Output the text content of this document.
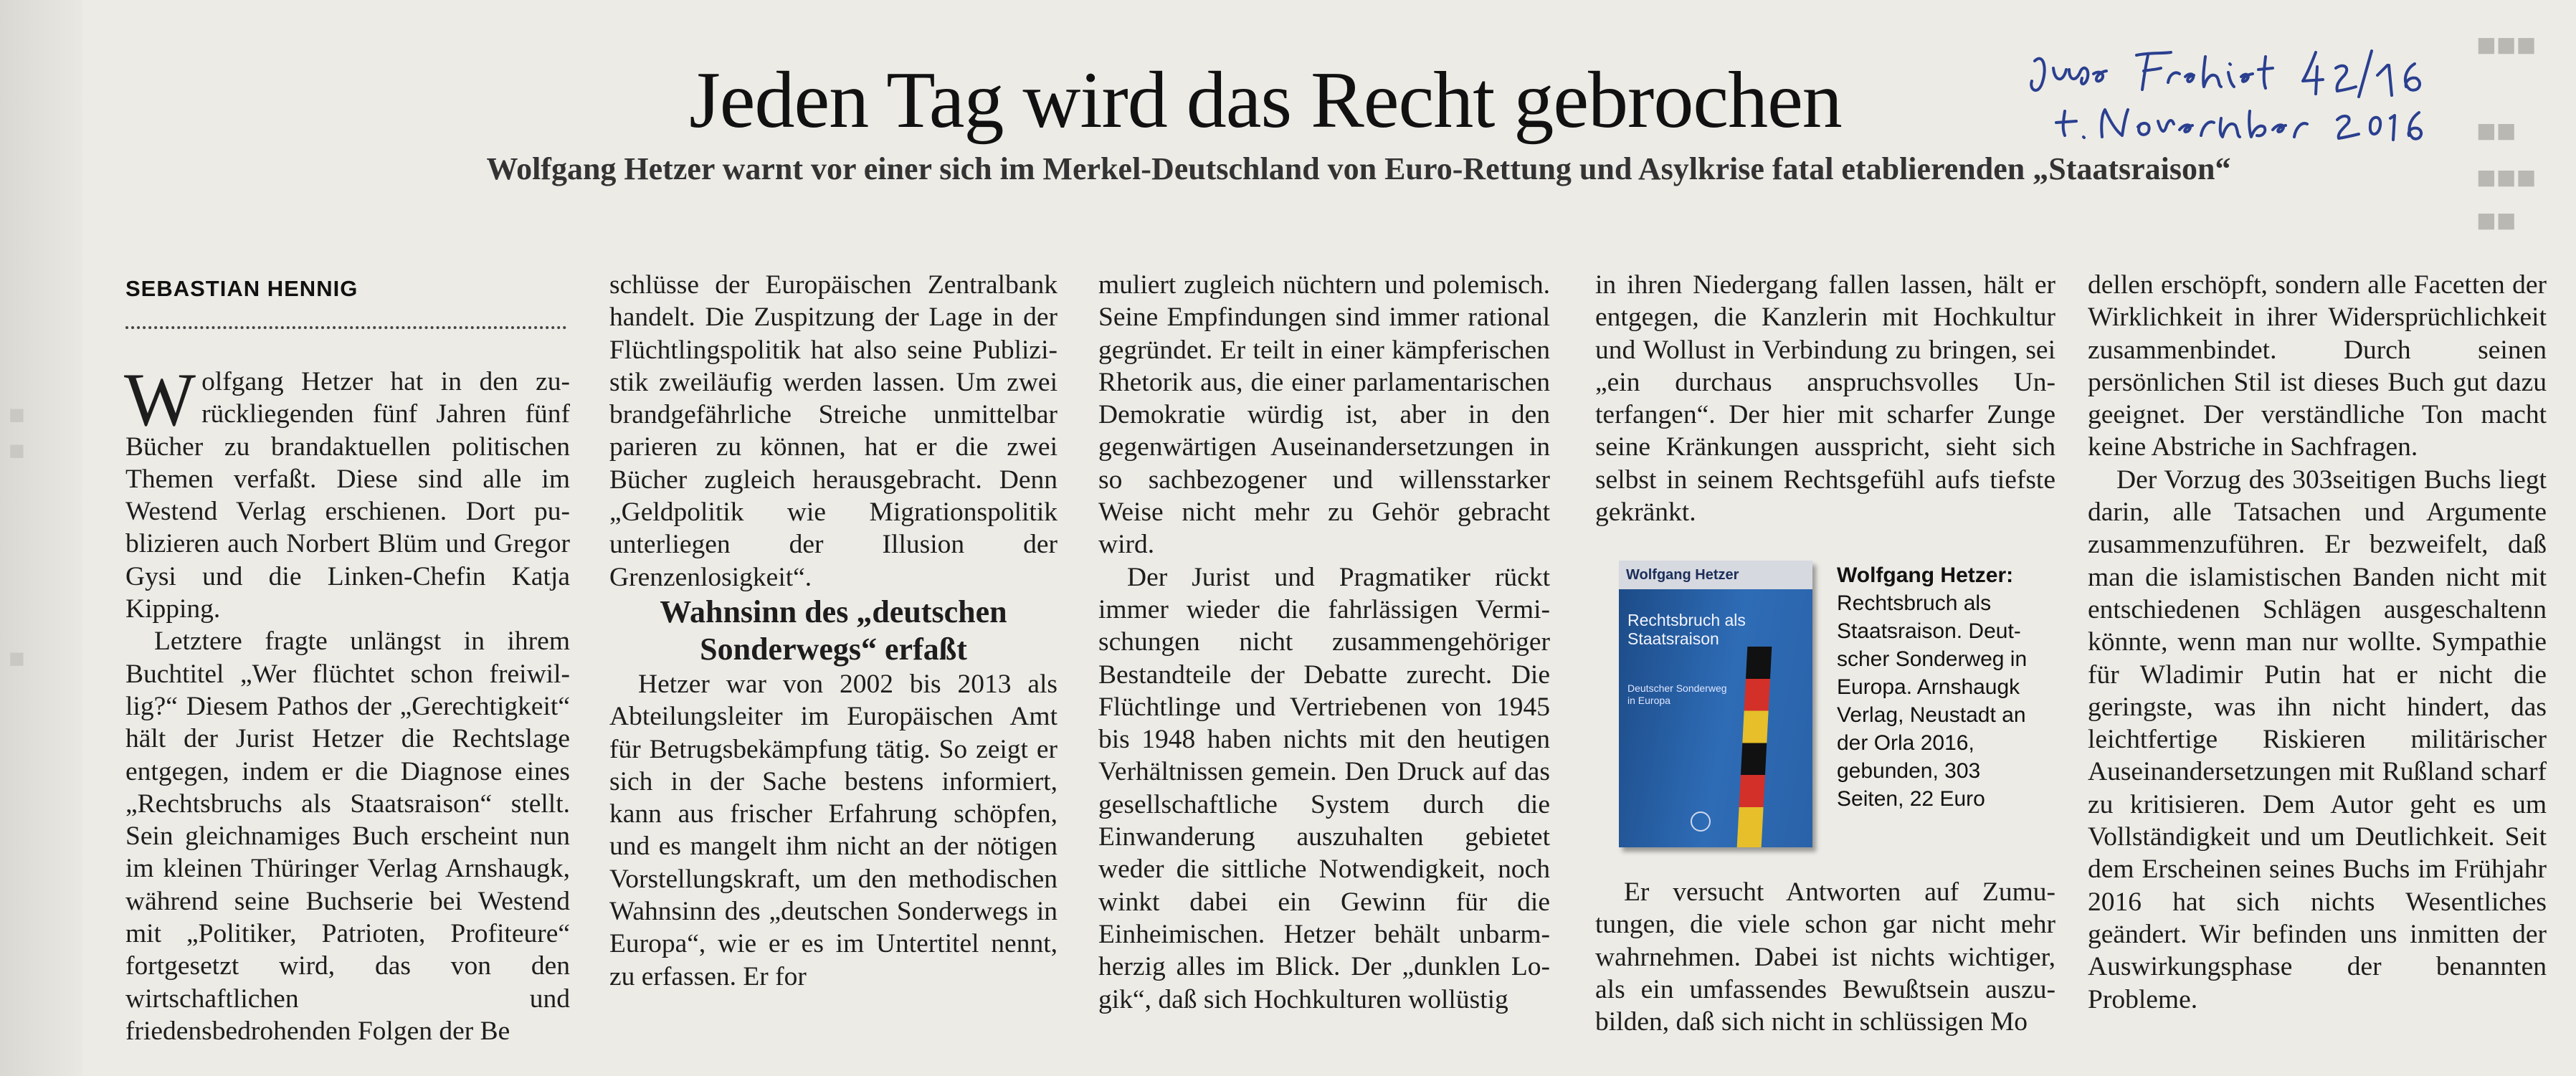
■
■
■
■■■
■■
■■■
■■
Jeden Tag wird das Recht gebrochen
Wolfgang Hetzer warnt vor einer sich im Merkel-Deutschland von Euro-Rettung und Asylkrise fatal etablierenden „Staatsraison“
SEBASTIAN HENNIG

Wolfgang Hetzer hat in den zurückliegenden fünf Jahren fünf Bücher zu brandaktuellen politischen Themen verfaßt. Diese sind alle im Westend Verlag erschienen. Dort publizieren auch Norbert Blüm und Gregor Gysi und die Linken-Chefin Katja Kipping.

Letztere fragte unlängst in ihrem Buchtitel „Wer flüchtet schon freiwillig?“ Diesem Pathos der „Gerechtigkeit“ hält der Jurist Hetzer die Rechtslage entgegen, indem er die Diagnose eines „Rechtsbruchs als Staatsraison“ stellt. Sein gleichnamiges Buch erscheint nun im kleinen Thüringer Verlag Arnshaugk, während seine Buchserie bei Westend mit „Politiker, Patrioten, Profiteure“ fortgesetzt wird, das von den wirtschaftlichen und friedensbedrohenden Folgen der Be

schlüsse der Europäischen Zentralbank handelt. Die Zuspitzung der Lage in der Flüchtlingspolitik hat also seine Publizistik zweiläufig werden lassen. Um zwei brandgefährliche Streiche unmittelbar parieren zu können, hat er die zwei Bücher zugleich herausgebracht. Denn „Geldpolitik wie Migrationspolitik unterliegen der Illusion der Grenzenlosigkeit“.

Wahnsinn des „deutschen
Sonderwegs“ erfaßt

Hetzer war von 2002 bis 2013 als Abteilungsleiter im Europäischen Amt für Betrugsbekämpfung tätig. So zeigt er sich in der Sache bestens informiert, kann aus frischer Erfahrung schöpfen, und es mangelt ihm nicht an der nötigen Vorstellungskraft, um den methodischen Wahnsinn des „deutschen Sonderwegs in Europa“, wie er es im Untertitel nennt, zu erfassen. Er for

muliert zugleich nüchtern und polemisch. Seine Empfindungen sind immer rational gegründet. Er teilt in einer kämpferischen Rhetorik aus, die einer parlamentarischen Demokratie würdig ist, aber in den gegenwärtigen Auseinandersetzungen in so sachbezogener und willensstarker Weise nicht mehr zu Gehör gebracht wird.

Der Jurist und Pragmatiker rückt immer wieder die fahrlässigen Vermischungen nicht zusammengehöriger Bestandteile der Debatte zurecht. Die Flüchtlinge und Vertriebenen von 1945 bis 1948 haben nichts mit den heutigen Verhältnissen gemein. Den Druck auf das gesellschaftliche System durch die Einwanderung auszuhalten gebietet weder die sittliche Notwendigkeit, noch winkt dabei ein Gewinn für die Einheimischen. Hetzer behält unbarmherzig alles im Blick. Der „dunklen Logik“, daß sich Hochkulturen wollüstig

in ihren Niedergang fallen lassen, hält er entgegen, die Kanzlerin mit Hochkultur und Wollust in Verbindung zu bringen, sei „ein durchaus anspruchsvolles Unterfangen“. Der hier mit scharfer Zunge seine Kränkungen ausspricht, sieht sich selbst in seinem Rechtsgefühl aufs tiefste gekränkt.

Wolfgang Hetzer
Rechtsbruch als Staatsraison
Deutscher Sonderweg in Europa
Wolfgang Hetzer: Rechtsbruch als Staatsraison. Deutscher Sonderweg in Europa. Arnshaugk Verlag, Neustadt an der Orla 2016, gebunden, 303 Seiten, 22 Euro

Er versucht Antworten auf Zumutungen, die viele schon gar nicht mehr wahrnehmen. Dabei ist nichts wichtiger, als ein umfassendes Bewußtsein auszubilden, daß sich nicht in schlüssigen Mo

dellen erschöpft, sondern alle Facetten der Wirklichkeit in ihrer Widersprüchlichkeit zusammenbindet. Durch seinen persönlichen Stil ist dieses Buch gut dazu geeignet. Der verständliche Ton macht keine Abstriche in Sachfragen.

Der Vorzug des 303seitigen Buchs liegt darin, alle Tatsachen und Argumente zusammenzuführen. Er bezweifelt, daß man die islamistischen Banden nicht mit entschiedenen Schlägen ausgeschaltenn könnte, wenn man nur wollte. Sympathie für Wladimir Putin hat er nicht die geringste, was ihn nicht hindert, das leichtfertige Riskieren militärischer Auseinandersetzungen mit Rußland scharf zu kritisieren. Dem Autor geht es um Vollständigkeit und um Deutlichkeit. Seit dem Erscheinen seines Buchs im Frühjahr 2016 hat sich nichts Wesentliches geändert. Wir befinden uns inmitten der Auswirkungsphase der benannten Probleme.
